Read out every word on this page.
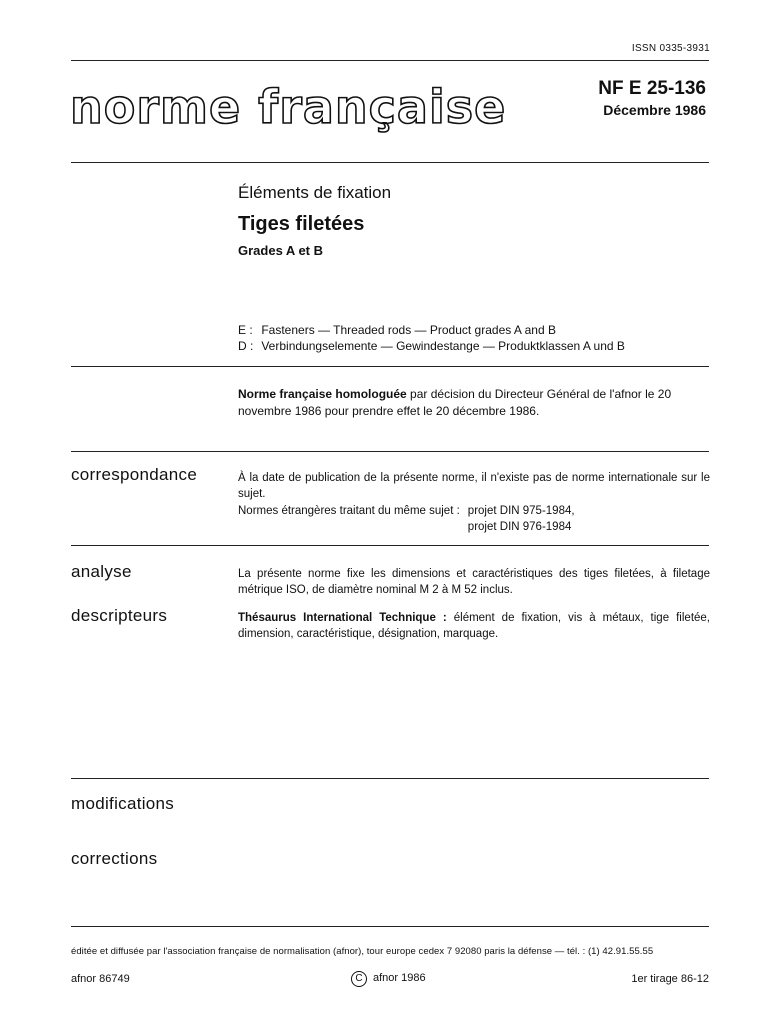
ISSN 0335-3931
norme française	NF E 25-136
Décembre 1986
Éléments de fixation
Tiges filetées
Grades A et B
E : Fasteners — Threaded rods — Product grades A and B
D : Verbindungselemente — Gewindestange — Produktklassen A und B
Norme française homologuée par décision du Directeur Général de l'afnor le 20 novembre 1986 pour prendre effet le 20 décembre 1986.
correspondance	À la date de publication de la présente norme, il n'existe pas de norme internationale sur le sujet.
Normes étrangères traitant du même sujet : projet DIN 975-1984,
projet DIN 976-1984
analyse	La présente norme fixe les dimensions et caractéristiques des tiges filetées, à filetage métrique ISO, de diamètre nominal M 2 à M 52 inclus.
descripteurs	Thésaurus International Technique : élément de fixation, vis à métaux, tige filetée, dimension, caractéristique, désignation, marquage.
modifications
corrections
éditée et diffusée par l'association française de normalisation (afnor), tour europe cedex 7 92080 paris la défense — tél. : (1) 42.91.55.55
afnor 86749	C afnor 1986	1er tirage 86-12
